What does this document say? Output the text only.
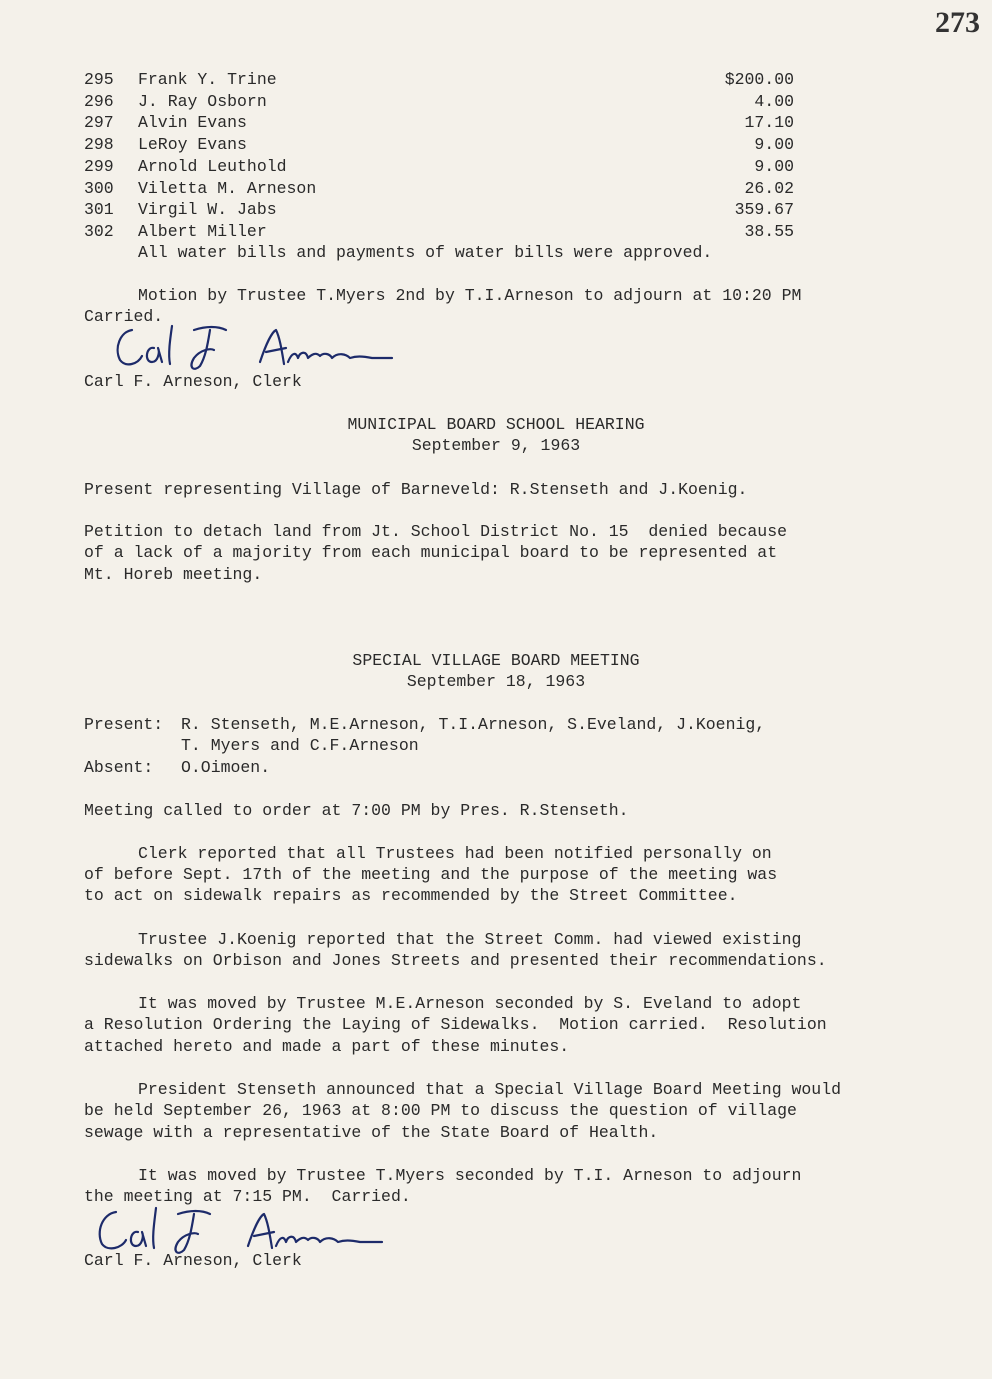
273
295 Frank Y. Trine	$200.00
296 J. Ray Osborn	4.00
297 Alvin Evans	17.10
298 LeRoy Evans	9.00
299 Arnold Leuthold	9.00
300 Viletta M. Arneson	26.02
301 Virgil W. Jabs	359.67
302 Albert Miller	38.55
All water bills and payments of water bills were approved.
Motion by Trustee T.Myers 2nd by T.I.Arneson to adjourn at 10:20 PM
Carried.
Carl F. Arneson, Clerk
MUNICIPAL BOARD SCHOOL HEARING
September 9, 1963
Present representing Village of Barneveld: R.Stenseth and J.Koenig.
Petition to detach land from Jt. School District No. 15  denied because
of a lack of a majority from each municipal board to be represented at
Mt. Horeb meeting.
SPECIAL VILLAGE BOARD MEETING
September 18, 1963
Present: R. Stenseth, M.E.Arneson, T.I.Arneson, S.Eveland, J.Koenig,
T. Myers and C.F.Arneson
Absent: O.Oimoen.
Meeting called to order at 7:00 PM by Pres. R.Stenseth.
Clerk reported that all Trustees had been notified personally on
of before Sept. 17th of the meeting and the purpose of the meeting was
to act on sidewalk repairs as recommended by the Street Committee.
Trustee J.Koenig reported that the Street Comm. had viewed existing
sidewalks on Orbison and Jones Streets and presented their recommendations.
It was moved by Trustee M.E.Arneson seconded by S. Eveland to adopt
a Resolution Ordering the Laying of Sidewalks.  Motion carried.  Resolution
attached hereto and made a part of these minutes.
President Stenseth announced that a Special Village Board Meeting would
be held September 26, 1963 at 8:00 PM to discuss the question of village
sewage with a representative of the State Board of Health.
It was moved by Trustee T.Myers seconded by T.I. Arneson to adjourn
the meeting at 7:15 PM.  Carried.
Carl F. Arneson, Clerk
